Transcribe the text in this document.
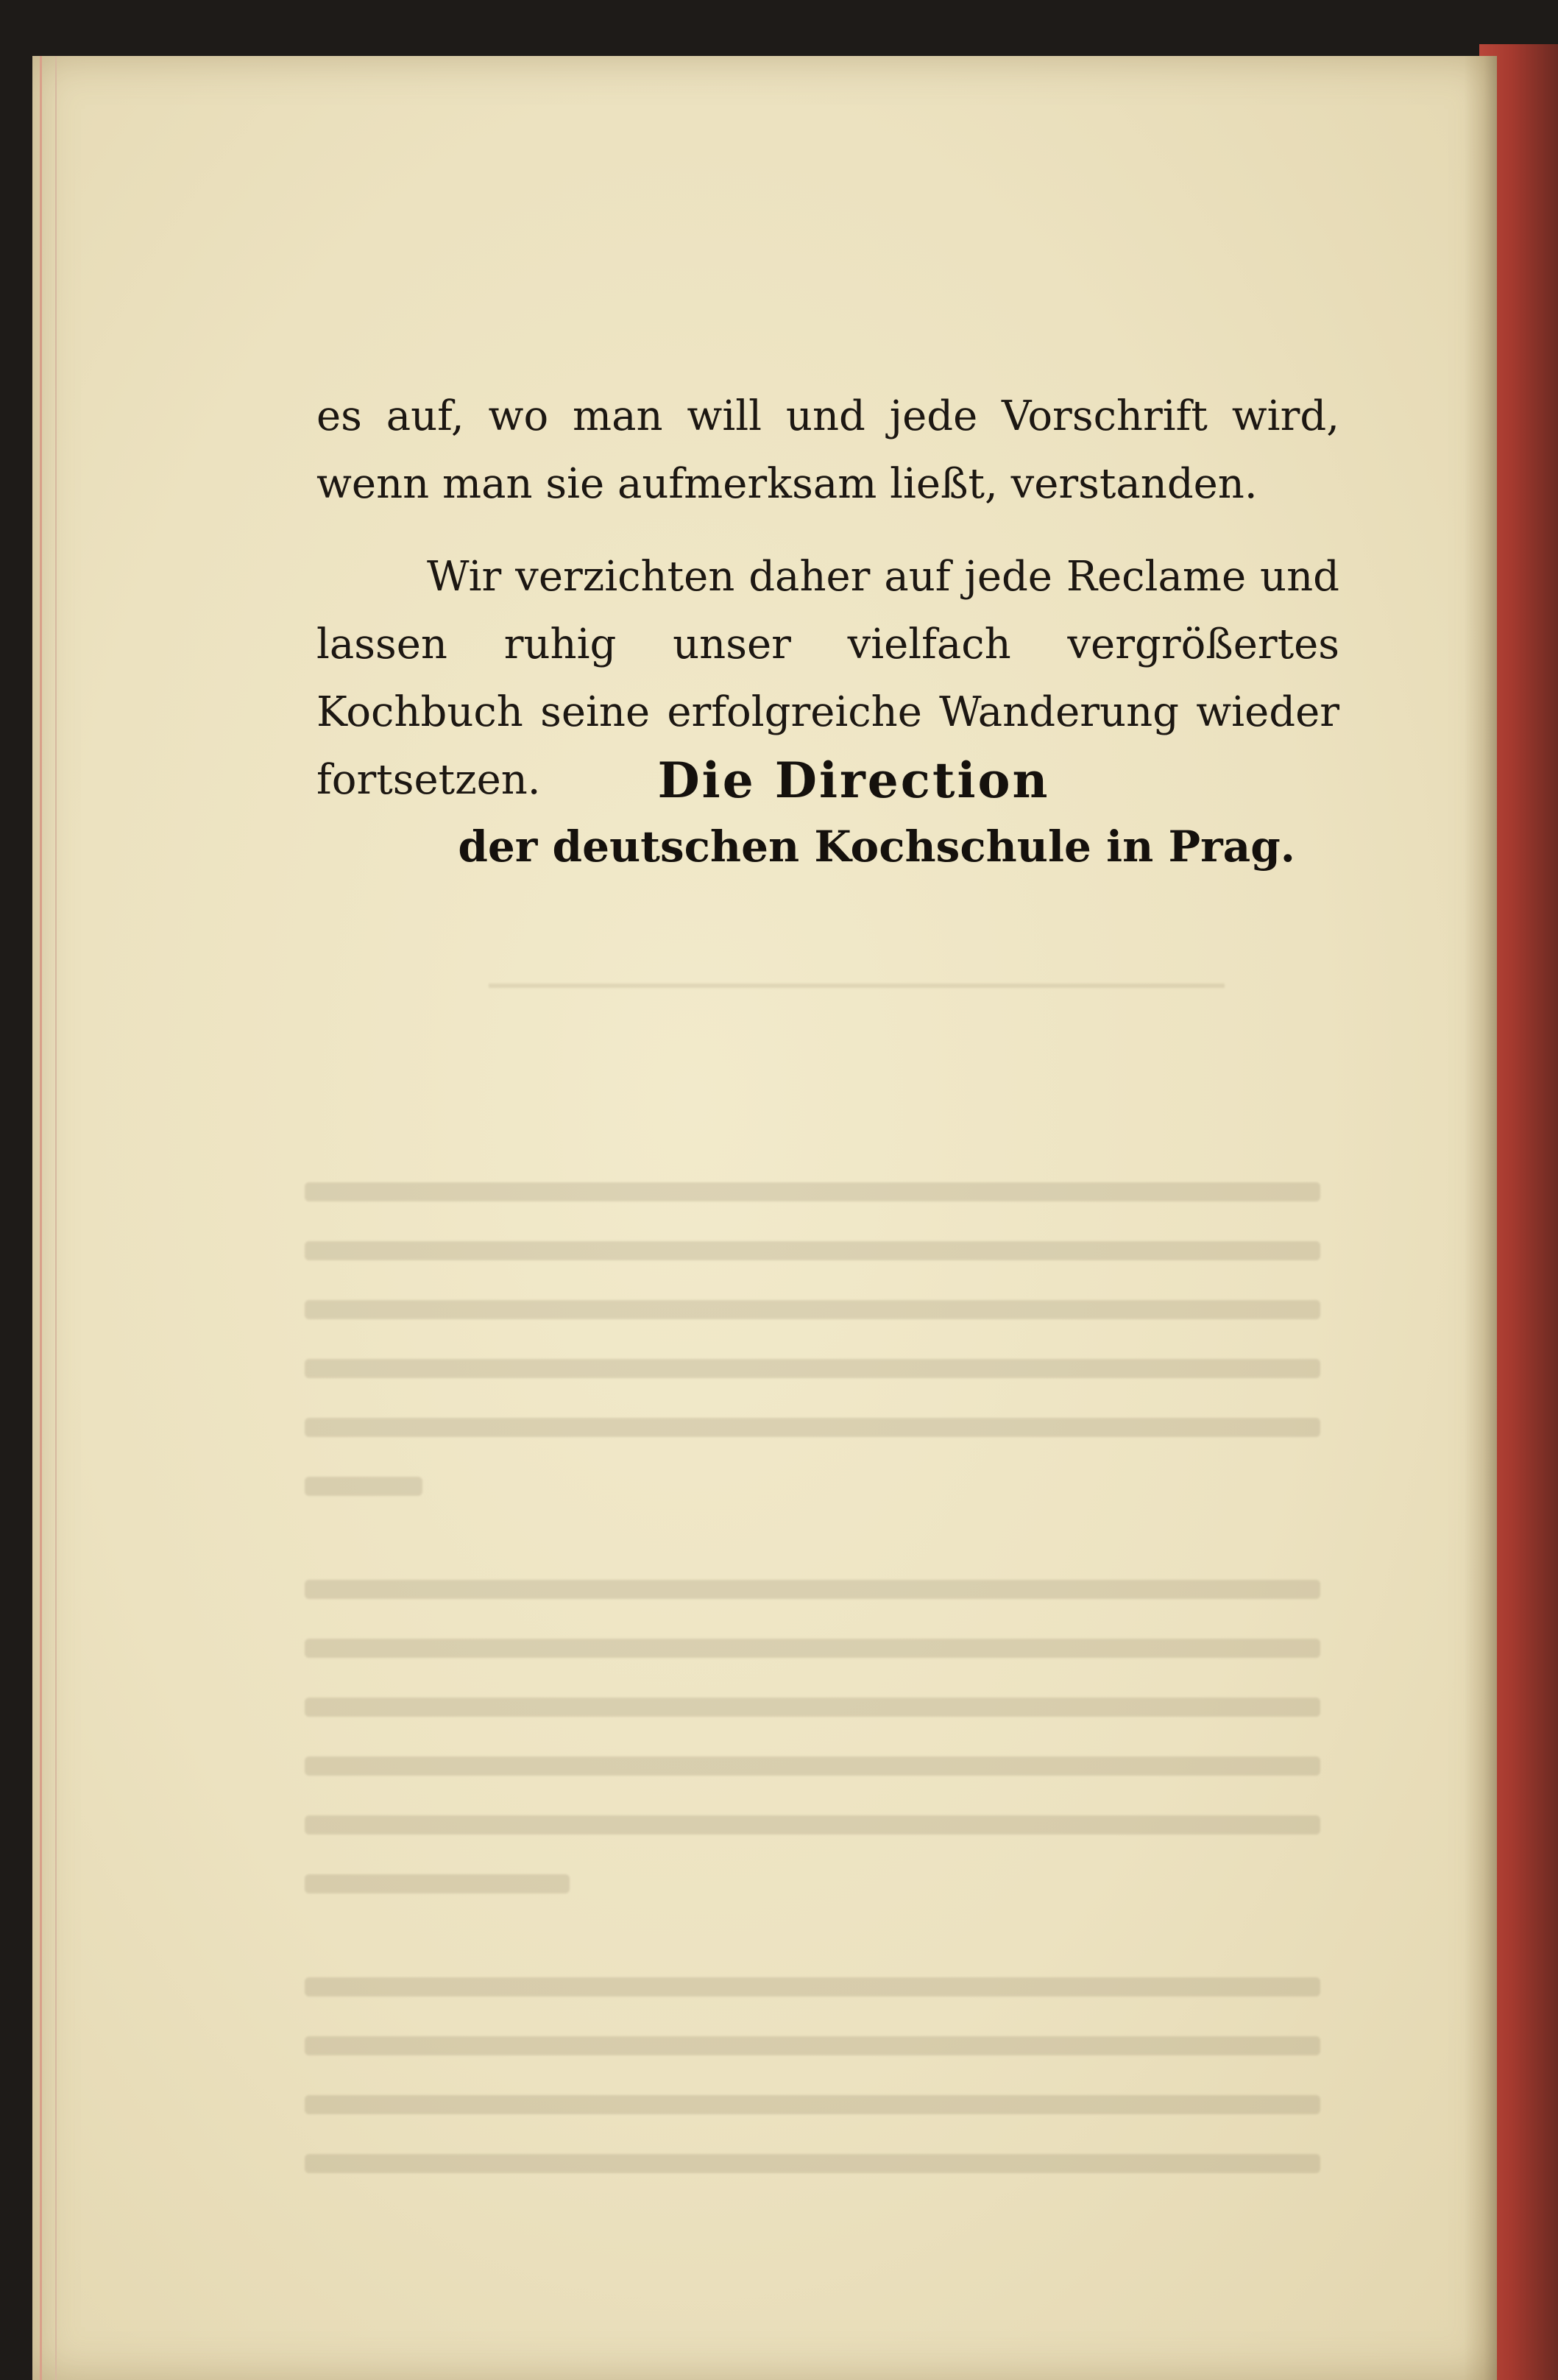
es auf, wo man will und jede Vorschrift wird, wenn man sie aufmerksam ließt, verstanden.

Wir verzichten daher auf jede Reclame und lassen ruhig unser vielfach vergrößertes Kochbuch seine erfolgreiche Wanderung wieder fortsetzen.	Die Direction

der deutschen Kochschule in Prag.
